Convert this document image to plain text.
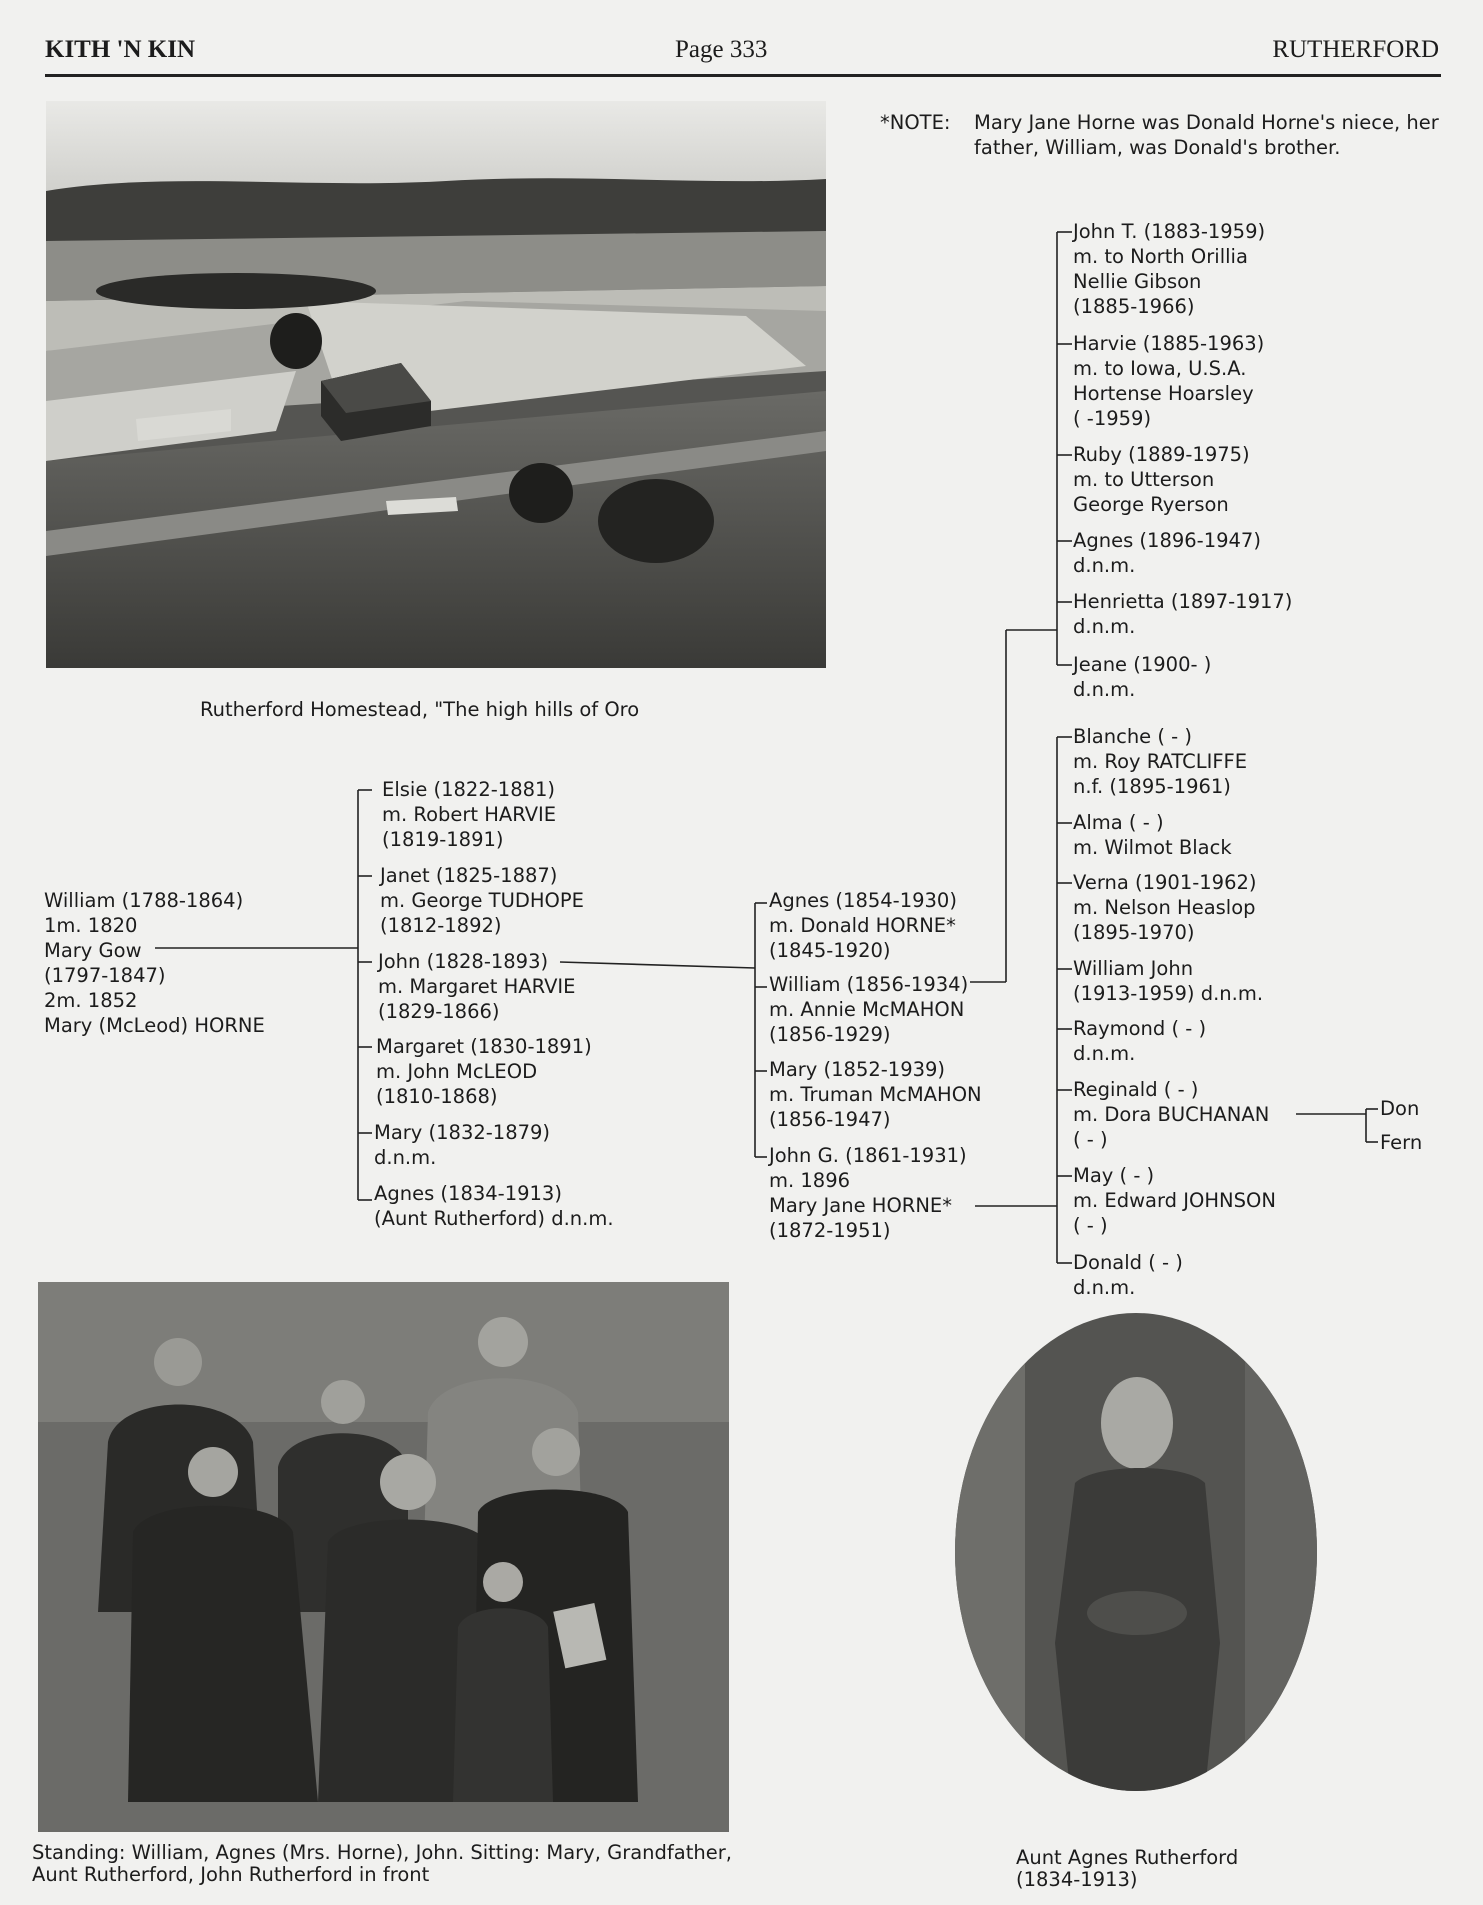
KITH 'N KIN	Page 333	RUTHERFORD
*NOTE:	Mary Jane Horne was Donald Horne's niece, her
father, William, was Donald's brother.
Rutherford Homestead, "The high hills of Oro
Standing: William, Agnes (Mrs. Horne), John. Sitting: Mary, Grandfather,
Aunt Rutherford, John Rutherford in front
Aunt Agnes Rutherford
(1834-1913)
William (1788-1864)
1m. 1820
Mary Gow
(1797-1847)
2m. 1852
Mary (McLeod) HORNE
Elsie (1822-1881)
m. Robert HARVIE
(1819-1891)
Janet (1825-1887)
m. George TUDHOPE
(1812-1892)
John (1828-1893)
m. Margaret HARVIE
(1829-1866)
Margaret (1830-1891)
m. John McLEOD
(1810-1868)
Mary (1832-1879)
d.n.m.
Agnes (1834-1913)
(Aunt Rutherford) d.n.m.
Agnes (1854-1930)
m. Donald HORNE*
(1845-1920)
William (1856-1934)
m. Annie McMAHON
(1856-1929)
Mary (1852-1939)
m. Truman McMAHON
(1856-1947)
John G. (1861-1931)
m. 1896
Mary Jane HORNE*
(1872-1951)
John T. (1883-1959)
m. to North Orillia
Nellie Gibson
(1885-1966)
Harvie (1885-1963)
m. to Iowa, U.S.A.
Hortense Hoarsley
( -1959)
Ruby (1889-1975)
m. to Utterson
George Ryerson
Agnes (1896-1947)
d.n.m.
Henrietta (1897-1917)
d.n.m.
Jeane (1900- )
d.n.m.
Blanche ( - )
m. Roy RATCLIFFE
n.f. (1895-1961)
Alma ( - )
m. Wilmot Black
Verna (1901-1962)
m. Nelson Heaslop
(1895-1970)
William John
(1913-1959) d.n.m.
Raymond ( - )
d.n.m.
Reginald ( - )
m. Dora BUCHANAN
( - )
May ( - )
m. Edward JOHNSON
( - )
Donald ( - )
d.n.m.
Don
Fern
